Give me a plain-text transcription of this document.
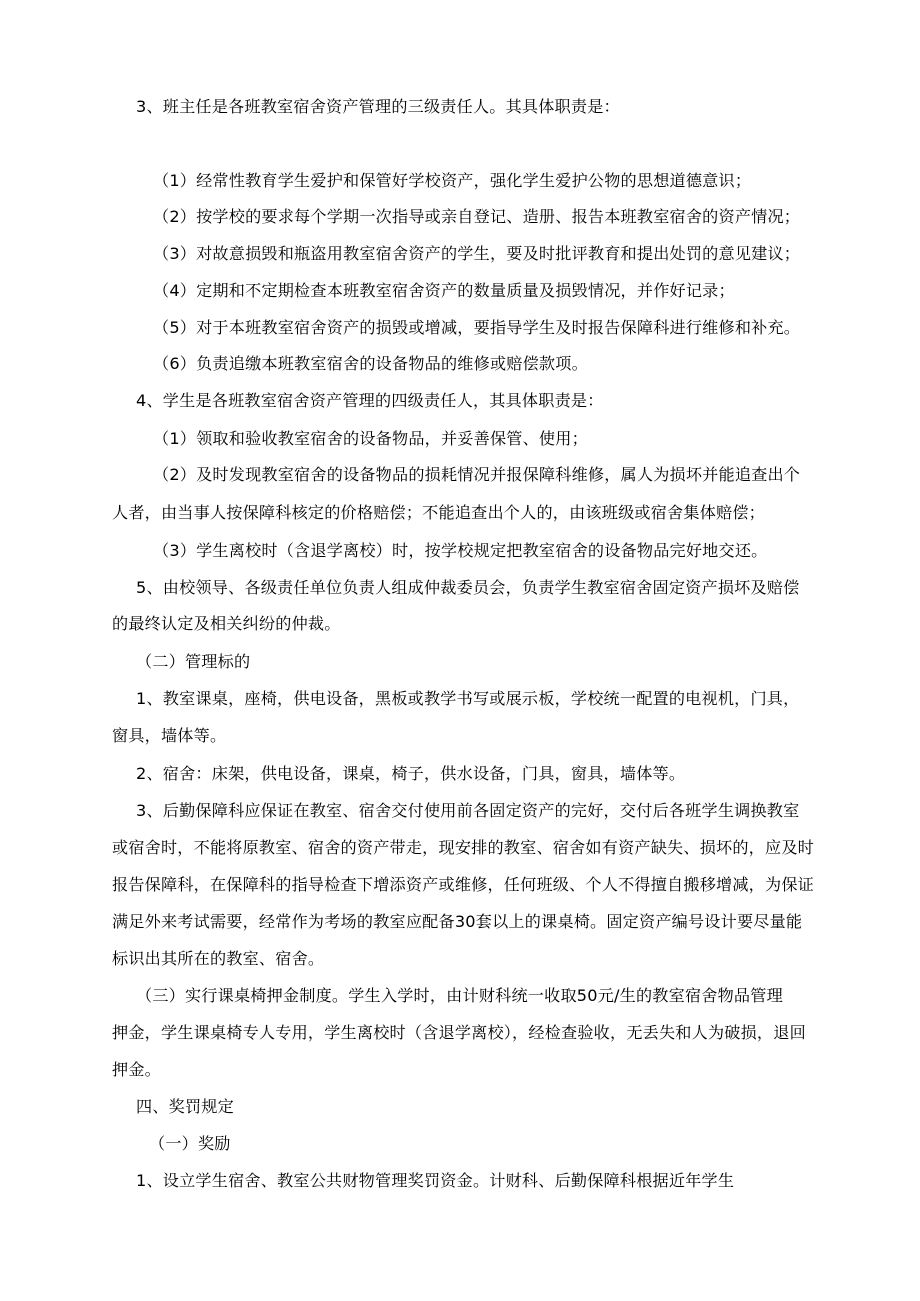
3、班主任是各班教室宿舍资产管理的三级责任人。其具体职责是：
（1）经常性教育学生爱护和保管好学校资产，强化学生爱护公物的思想道德意识；
（2）按学校的要求每个学期一次指导或亲自登记、造册、报告本班教室宿舍的资产情况；
（3）对故意损毁和瓶盗用教室宿舍资产的学生，要及时批评教育和提出处罚的意见建议；
（4）定期和不定期检查本班教室宿舍资产的数量质量及损毁情况，并作好记录；
（5）对于本班教室宿舍资产的损毁或增减，要指导学生及时报告保障科进行维修和补充。
（6）负责追缴本班教室宿舍的设备物品的维修或赔偿款项。
4、学生是各班教室宿舍资产管理的四级责任人，其具体职责是：
（1）领取和验收教室宿舍的设备物品，并妥善保管、使用；
（2）及时发现教室宿舍的设备物品的损耗情况并报保障科维修，属人为损坏并能追查出个
人者，由当事人按保障科核定的价格赔偿；不能追查出个人的，由该班级或宿舍集体赔偿；
（3）学生离校时（含退学离校）时，按学校规定把教室宿舍的设备物品完好地交还。
5、由校领导、各级责任单位负责人组成仲裁委员会，负责学生教室宿舍固定资产损坏及赔偿
的最终认定及相关纠纷的仲裁。
（二）管理标的
1、教室课桌，座椅，供电设备，黑板或教学书写或展示板，学校统一配置的电视机，门具，
窗具，墙体等。
2、宿舍：床架，供电设备，课桌，椅子，供水设备，门具，窗具，墙体等。
3、后勤保障科应保证在教室、宿舍交付使用前各固定资产的完好，交付后各班学生调换教室
或宿舍时，不能将原教室、宿舍的资产带走，现安排的教室、宿舍如有资产缺失、损坏的，应及时
报告保障科，在保障科的指导检查下增添资产或维修，任何班级、个人不得擅自搬移增减，为保证
满足外来考试需要，经常作为考场的教室应配备30套以上的课桌椅。固定资产编号设计要尽量能
标识出其所在的教室、宿舍。
（三）实行课桌椅押金制度。学生入学时，由计财科统一收取50元/生的教室宿舍物品管理
押金，学生课桌椅专人专用，学生离校时（含退学离校），经检查验收，无丢失和人为破损，退回
押金。
四、奖罚规定
（一）奖励
1、设立学生宿舍、教室公共财物管理奖罚资金。计财科、后勤保障科根据近年学生
